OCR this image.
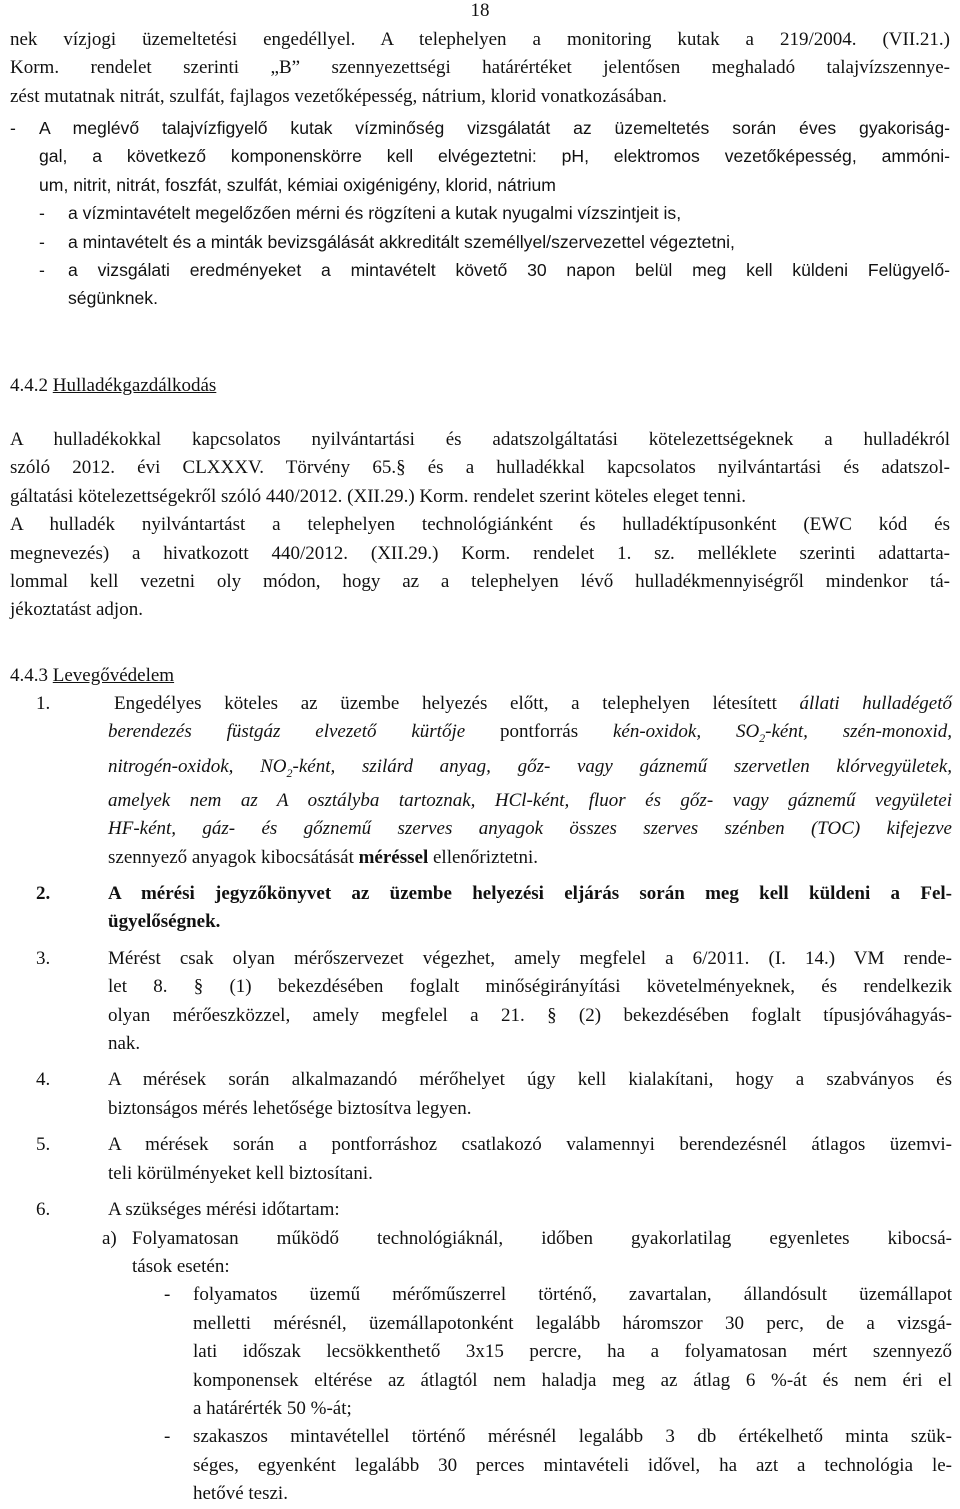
18

nek vízjogi üzemeltetési engedéllyel. A telephelyen a monitoring kutak a 219/2004. (VII.21.)

Korm. rendelet szerinti „B” szennyezettségi határértéket jelentősen meghaladó talajvízszennye-

zést mutatnak nitrát, szulfát, fajlagos vezetőképesség, nátrium, klorid vonatkozásában.

- A meglévő talajvízfigyelő kutak vízminőség vizsgálatát az üzemeltetés során éves gyakoriság-

gal, a következő komponenskörre kell elvégeztetni: pH, elektromos vezetőképesség, ammóni-

um, nitrit, nitrát, foszfát, szulfát, kémiai oxigénigény, klorid, nátrium

- a vízmintavételt megelőzően mérni és rögzíteni a kutak nyugalmi vízszintjeit is,

- a mintavételt és a minták bevizsgálását akkreditált személlyel/szervezettel végeztetni,

- a vizsgálati eredményeket a mintavételt követő 30 napon belül meg kell küldeni Felügyelő-

ségünknek.

4.4.2 Hulladékgazdálkodás

A hulladékokkal kapcsolatos nyilvántartási és adatszolgáltatási kötelezettségeknek a hulladékról

szóló 2012. évi CLXXXV. Törvény 65.§ és a hulladékkal kapcsolatos nyilvántartási és adatszol-

gáltatási kötelezettségekről szóló 440/2012. (XII.29.) Korm. rendelet szerint köteles eleget tenni.

A hulladék nyilvántartást a telephelyen technológiánként és hulladéktípusonként (EWC kód és

megnevezés) a hivatkozott 440/2012. (XII.29.) Korm. rendelet 1. sz. melléklete szerinti adattarta-

lommal kell vezetni oly módon, hogy az a telephelyen lévő hulladékmennyiségről mindenkor tá-

jékoztatást adjon.

4.4.3 Levegővédelem
1.	Engedélyes köteles az üzembe helyezés előtt, a telephelyen létesített állati hulladégető

berendezés füstgáz elvezető kürtője pontforrás kén-oxidok, $SO_2$-ként, szén-monoxid,

nitrogén-oxidok, $NO_2$-ként, szilárd anyag, gőz- vagy gáznemű szervetlen klórvegyületek,

amelyek nem az A osztályba tartoznak, HCl-ként, fluor és gőz- vagy gáznemű vegyületei

HF-ként, gáz- és gőznemű szerves anyagok összes szerves szénben (TOC) kifejezve

szennyező anyagok kibocsátását méréssel ellenőriztetni.

2.	A mérési jegyzőkönyvet az üzembe helyezési eljárás során meg kell küldeni a Fel-

ügyelőségnek.

3.	Mérést csak olyan mérőszervezet végezhet, amely megfelel a 6/2011. (I. 14.) VM rende-

let 8. § (1) bekezdésében foglalt minőségirányítási követelményeknek, és rendelkezik

olyan mérőeszközzel, amely megfelel a 21. § (2) bekezdésében foglalt típusjóváhagyás-

nak.

4.	A mérések során alkalmazandó mérőhelyet úgy kell kialakítani, hogy a szabványos és

biztonságos mérés lehetősége biztosítva legyen.

5.	A mérések során a pontforráshoz csatlakozó valamennyi berendezésnél átlagos üzemvi-

teli körülményeket kell biztosítani.

6.	A szükséges mérési időtartam:

a) Folyamatosan működő technológiáknál, időben gyakorlatilag egyenletes kibocsá-

tások esetén:

- folyamatos üzemű mérőműszerrel történő, zavartalan, állandósult üzemállapot

melletti mérésnél, üzemállapotonként legalább háromszor 30 perc, de a vizsgá-

lati időszak lecsökkenthető 3x15 percre, ha a folyamatosan mért szennyező

komponensek eltérése az átlagtól nem haladja meg az átlag 6 %-át és nem éri el

a határérték 50 %-át;

- szakaszos mintavétellel történő mérésnél legalább 3 db értékelhető minta szük-

séges, egyenként legalább 30 perces mintavételi idővel, ha azt a technológia le-

hetővé teszi.
